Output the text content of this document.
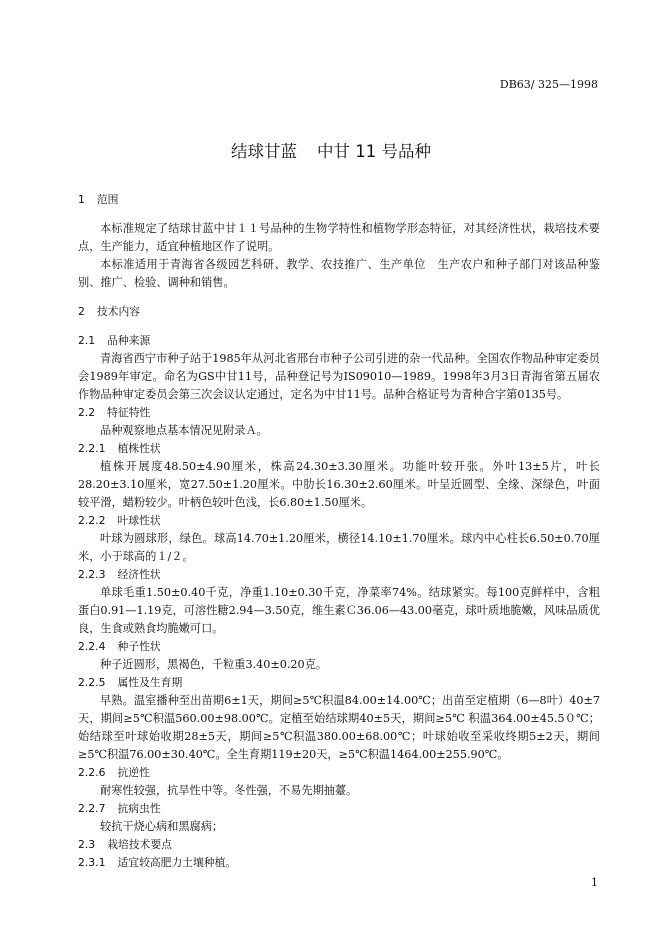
DB63/ 325—1998
结球甘蓝 中甘 11 号品种
1 范围

本标准规定了结球甘蓝中甘１１号品种的生物学特性和植物学形态特征，对其经济性状，栽培技术要点，生产能力，适宜种植地区作了说明。

本标准适用于青海省各级园艺科研、教学、农技推广、生产单位　生产农户和种子部门对该品种鉴别、推广、检验、调种和销售。

2 技术内容
2.1 品种来源

青海省西宁市种子站于1985年从河北省邢台市种子公司引进的杂一代品种。全国农作物品种审定委员会1989年审定。命名为GS中甘11号，品种登记号为IS09010—1989。1998年3月3日青海省第五届农作物品种审定委员会第三次会议认定通过，定名为中甘11号。品种合格证号为青种合字第0135号。

2.2 特征特性

品种观察地点基本情况见附录Ａ。

2.2.1 植株性状

植株开展度48.50±4.90厘米，株高24.30±3.30厘米。功能叶较开张。外叶13±5片，叶长28.20±3.10厘米，宽27.50±1.20厘米。中肋长16.30±2.60厘米。叶呈近圆型、全缘、深绿色，叶面较平滑，蜡粉较少。叶柄色较叶色浅，长6.80±1.50厘米。

2.2.2 叶球性状

叶球为圆球形，绿色。球高14.70±1.20厘米，横径14.10±1.70厘米。球内中心柱长6.50±0.70厘米，小于球高的１/２。

2.2.3 经济性状

单球毛重1.50±0.40千克，净重1.10±0.30千克，净菜率74%。结球紧实。每100克鲜样中，含粗蛋白0.91—1.19克，可溶性糖2.94—3.50克，维生素Ｃ36.06—43.00毫克，球叶质地脆嫩，风味品质优良，生食或熟食均脆嫩可口。

2.2.4 种子性状

种子近圆形，黑褐色，千粒重3.40±0.20克。

2.2.5 属性及生育期

早熟。温室播种至出苗期6±1天，期间≥5℃积温84.00±14.00℃；出苗至定植期（6—8叶）40±7天，期间≥5℃积温560.00±98.00℃。定植至始结球期40±5天，期间≥5℃ 积温364.00±45.5０℃；始结球至叶球始收期28±5天，期间≥5℃积温380.00±68.00℃；叶球始收至采收终期5±2天，期间≥5℃积温76.00±30.40℃。全生育期119±20天，≥5℃积温1464.00±255.90℃。

2.2.6 抗逆性

耐寒性较强，抗旱性中等。冬性强，不易先期抽薹。

2.2.7 抗病虫性

较抗干烧心病和黑腐病；

2.3 栽培技术要点
2.3.1 适宜较高肥力土壤种植。
1
